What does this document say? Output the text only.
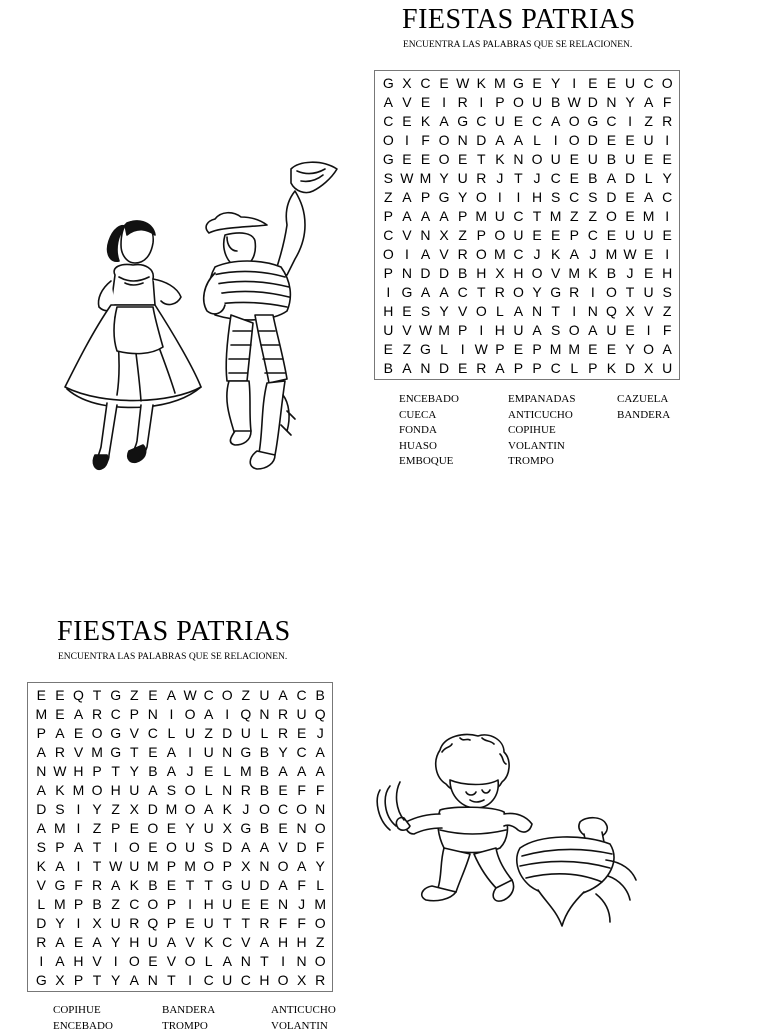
FIESTAS PATRIAS
ENCUENTRA LAS PALABRAS QUE SE RELACIONEN.
G X C E W K M G E Y I E E U C O
A V E I R I P O U B W D N Y A F
C E K A G C U E C A O G C I Z R
O I F O N D A A L I O D E E U I
G E E O E T K N O U E U B U E E
S W M Y U R J T J C E B A D L Y
Z A P G Y O I	I H S C S D E A C
P A A A P M U C T M Z Z O E M I
C V N X Z P O U E E P C E U U E
O I A V R O M C J K A J M W E I
P N D D B H X H O V M K B J E H
I G A A C T R O Y G R I O T U S
H E S Y V O L A N T I N Q X V Z
U V W M P I H U A S O A U E I F
E Z G L I W P E P M M E E Y O A
B A N D E R A P P C L P K D X U
ENCEBADO
CUECA
FONDA
HUASO
EMBOQUE
EMPANADAS
ANTICUCHO
COPIHUE
VOLANTIN
TROMPO
CAZUELA
BANDERA
FIESTAS PATRIAS
ENCUENTRA LAS PALABRAS QUE SE RELACIONEN.
E E Q T G Z E A W C O Z U A C B
M E A R C P N I O A I Q N R U Q
P A E O G V C L U Z D U L R E J
A R V M G T E A I U N G B Y C A
N W H P T Y B A J E L M B A A A
A K M O H U A S O L N R B E F F
D S I Y Z X D M O A K J O C O N
A M I Z P E O E Y U X G B E N O
S P A T I O E O U S D A A V D F
K A I T W U M P M O P X N O A Y
V G F R A K B E T T G U D A F L
L M P B Z C O P I H U E E N J M
D Y I X U R Q P E U T T R F F O
R A E A Y H U A V K C V A H H Z
I A H V I O E V O L A N T I N O
G X P T Y A N T I C U C H O X R
COPIHUE
ENCEBADO
BANDERA
TROMPO
ANTICUCHO
VOLANTIN
